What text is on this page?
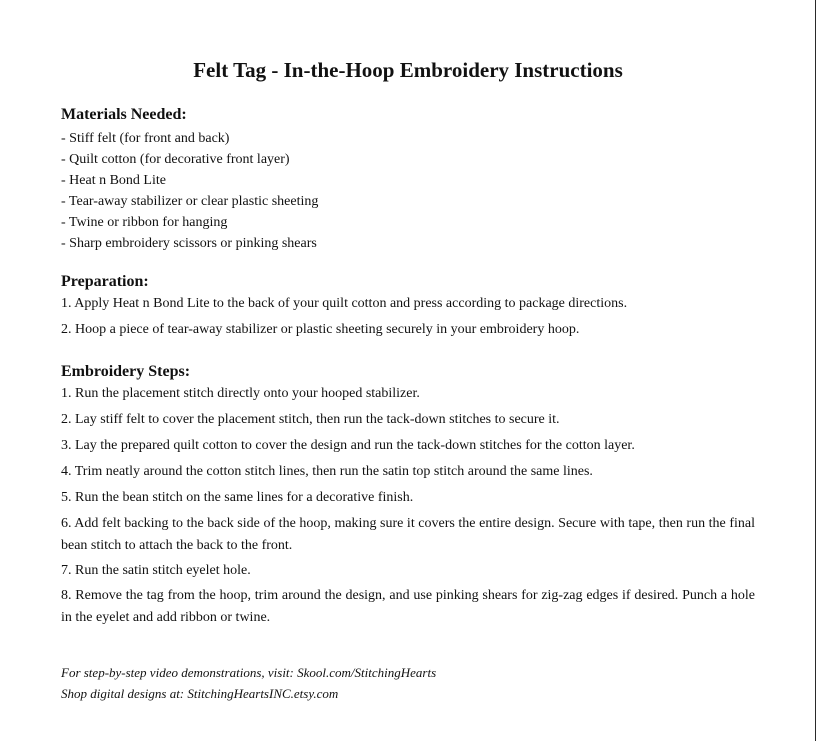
Felt Tag - In-the-Hoop Embroidery Instructions
Materials Needed:
- Stiff felt (for front and back)
- Quilt cotton (for decorative front layer)
- Heat n Bond Lite
- Tear-away stabilizer or clear plastic sheeting
- Twine or ribbon for hanging
- Sharp embroidery scissors or pinking shears
Preparation:
1. Apply Heat n Bond Lite to the back of your quilt cotton and press according to package directions.
2. Hoop a piece of tear-away stabilizer or plastic sheeting securely in your embroidery hoop.
Embroidery Steps:
1. Run the placement stitch directly onto your hooped stabilizer.
2. Lay stiff felt to cover the placement stitch, then run the tack-down stitches to secure it.
3. Lay the prepared quilt cotton to cover the design and run the tack-down stitches for the cotton layer.
4. Trim neatly around the cotton stitch lines, then run the satin top stitch around the same lines.
5. Run the bean stitch on the same lines for a decorative finish.
6. Add felt backing to the back side of the hoop, making sure it covers the entire design. Secure with tape, then run the final bean stitch to attach the back to the front.
7. Run the satin stitch eyelet hole.
8. Remove the tag from the hoop, trim around the design, and use pinking shears for zig-zag edges if desired. Punch a hole in the eyelet and add ribbon or twine.
For step-by-step video demonstrations, visit: Skool.com/StitchingHearts
Shop digital designs at: StitchingHeartsINC.etsy.com
